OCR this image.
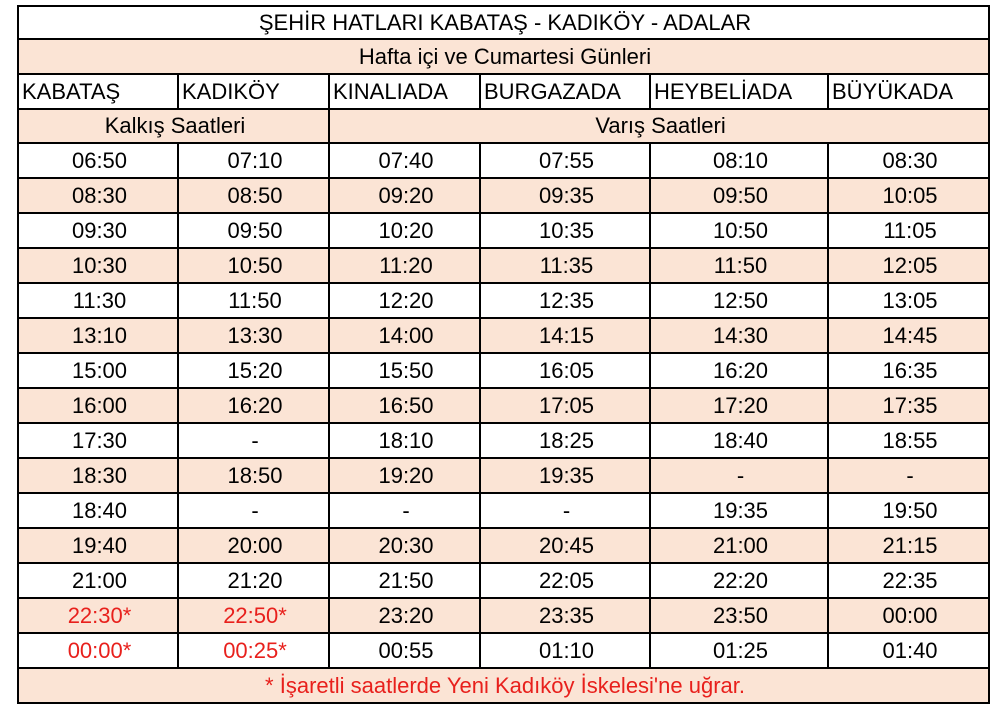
ŞEHİR HATLARI KABATAŞ - KADIKÖY - ADALAR					
Hafta içi ve Cumartesi Günleri					
KABATAŞ	KADIKÖY	KINALIADA	BURGAZADA	HEYBELİADA	BÜYÜKADA
Kalkış Saatleri		Varış Saatleri			
06:50	07:10	07:40	07:55	08:10	08:30
08:30	08:50	09:20	09:35	09:50	10:05
09:30	09:50	10:20	10:35	10:50	11:05
10:30	10:50	11:20	11:35	11:50	12:05
11:30	11:50	12:20	12:35	12:50	13:05
13:10	13:30	14:00	14:15	14:30	14:45
15:00	15:20	15:50	16:05	16:20	16:35
16:00	16:20	16:50	17:05	17:20	17:35
17:30	-	18:10	18:25	18:40	18:55
18:30	18:50	19:20	19:35	-	-
18:40	-	-	-	19:35	19:50
19:40	20:00	20:30	20:45	21:00	21:15
21:00	21:20	21:50	22:05	22:20	22:35
22:30*	22:50*	23:20	23:35	23:50	00:00
00:00*	00:25*	00:55	01:10	01:25	01:40
* İşaretli saatlerde Yeni Kadıköy İskelesi'ne uğrar.					
